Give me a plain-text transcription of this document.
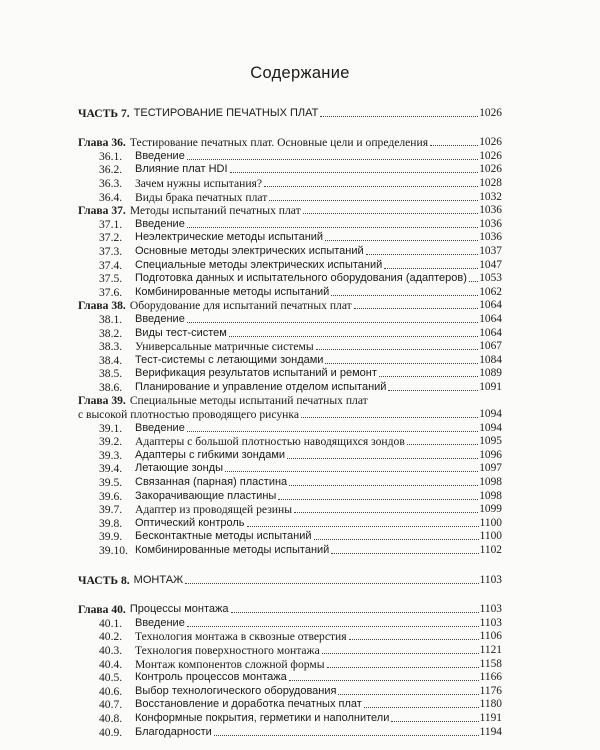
Содержание
ЧАСТЬ 7. ТЕСТИРОВАНИЕ ПЕЧАТНЫХ ПЛАТ	1026
Глава 36. Тестирование печатных плат. Основные цели и определения	1026
36.1.	Введение	1026
36.2.	Влияние плат HDI	1026
36.3.	Зачем нужны испытания?	1028
36.4.	Виды брака печатных плат	1032
Глава 37. Методы испытаний печатных плат	1036
37.1.	Введение	1036
37.2.	Неэлектрические методы испытаний	1036
37.3.	Основные методы электрических испытаний	1037
37.4.	Специальные методы электрических испытаний	1047
37.5.	Подготовка данных и испытательного оборудования (адаптеров) 1053
37.6.	Комбинированные методы испытаний	1062
Глава 38. Оборудование для испытаний печатных плат	1064
38.1.	Введение	1064
38.2.	Виды тест-систем	1064
38.3.	Универсальные матричные системы	1067
38.4.	Тест-системы с летающими зондами	1084
38.5.	Верификация результатов испытаний и ремонт	1089
38.6.	Планирование и управление отделом испытаний	1091
Глава 39. Специальные методы испытаний печатных плат
с высокой плотностью проводящего рисунка	1094
39.1.	Введение	1094
39.2.	Адаптеры с большой плотностью наводящихся зондов	1095
39.3.	Адаптеры с гибкими зондами	1096
39.4.	Летающие зонды	1097
39.5.	Связанная (парная) пластина	1098
39.6.	Закорачивающие пластины	1098
39.7.	Адаптер из проводящей резины	1099
39.8.	Оптический контроль	1100
39.9.	Бесконтактные методы испытаний	1100
39.10. Комбинированные методы испытаний	1102
ЧАСТЬ 8. МОНТАЖ	1103
Глава 40. Процессы монтажа	1103
40.1.	Введение	1103
40.2.	Технология монтажа в сквозные отверстия	1106
40.3.	Технология поверхностного монтажа	1121
40.4.	Монтаж компонентов сложной формы	1158
40.5.	Контроль процессов монтажа	1166
40.6.	Выбор технологического оборудования	1176
40.7.	Восстановление и доработка печатных плат	1180
40.8.	Конформные покрытия, герметики и наполнители	1191
40.9.	Благодарности	1194
